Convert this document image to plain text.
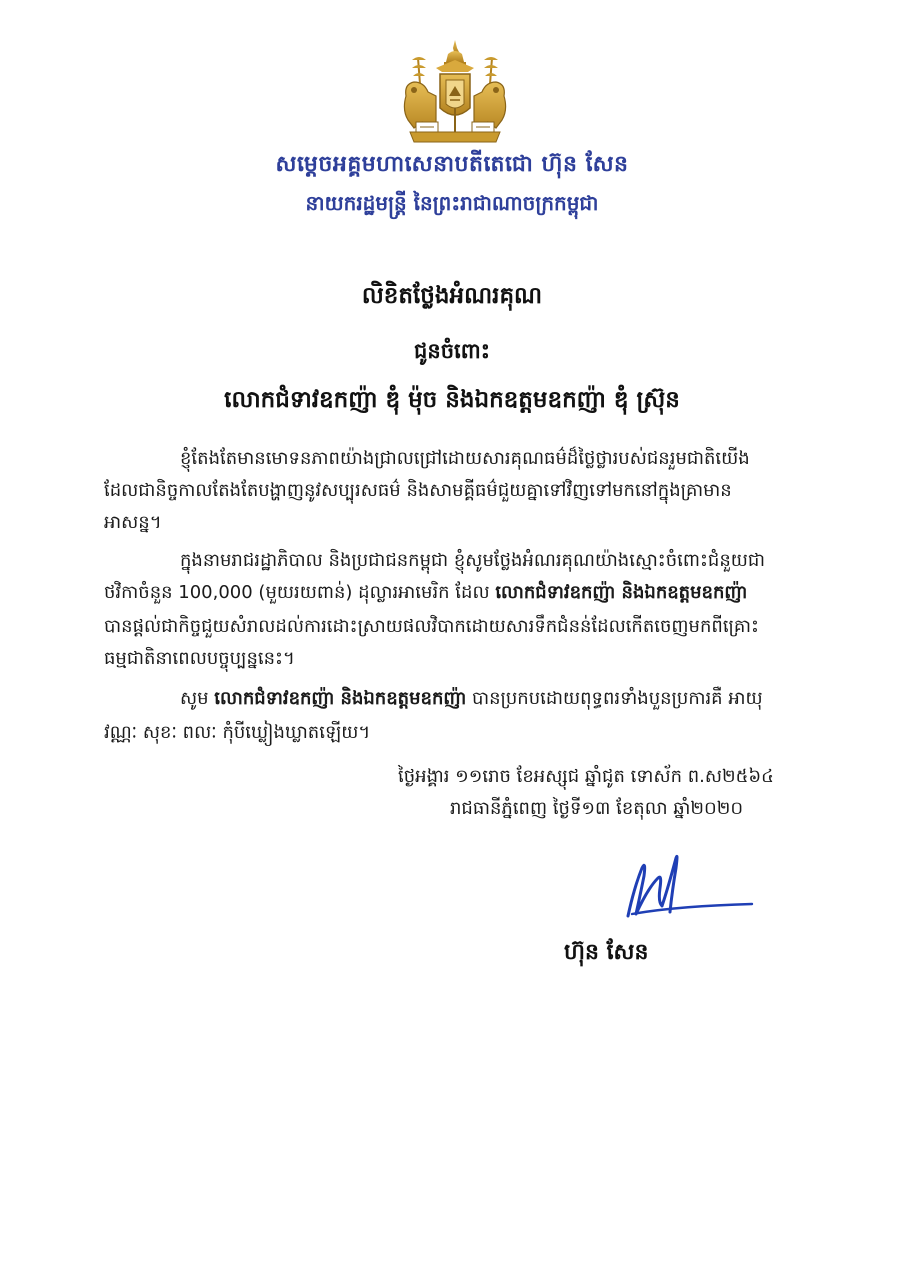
សម្តេចអគ្គមហាសេនាបតីតេជោ ហ៊ុន សែន
នាយករដ្ឋមន្ត្រី នៃព្រះរាជាណាចក្រកម្ពុជា
លិខិតថ្លែងអំណរគុណ
ជូនចំពោះ
លោកជំទាវឧកញ៉ា ឌុំ ម៉ុច និងឯកឧត្តមឧកញ៉ា ឌុំ ស្រ៊ុន
ខ្ញុំតែងតែមានមោទនភាពយ៉ាងជ្រាលជ្រៅដោយសារគុណធម៌ដ៏ថ្លៃថ្លារបស់ជនរួមជាតិយើង
ដែលជានិច្ចកាលតែងតែបង្ហាញនូវសប្បុរសធម៌ និងសាមគ្គីធម៌ជួយគ្នាទៅវិញទៅមកនៅក្នុងគ្រាមាន
អាសន្ន។
ក្នុងនាមរាជរដ្ឋាភិបាល និងប្រជាជនកម្ពុជា ខ្ញុំសូមថ្លែងអំណរគុណយ៉ាងស្មោះចំពោះជំនួយជា
ថវិកាចំនួន 100,000 (មួយរយពាន់) ដុល្លារអាមេរិក ដែល លោកជំទាវឧកញ៉ា និងឯកឧត្តមឧកញ៉ា
បានផ្តល់ជាកិច្ចជួយសំរាលដល់ការដោះស្រាយផលវិបាកដោយសារទឹកជំនន់ដែលកើតចេញមកពីគ្រោះ
ធម្មជាតិនាពេលបច្ចុប្បន្ននេះ។
សូម លោកជំទាវឧកញ៉ា និងឯកឧត្តមឧកញ៉ា បានប្រកបដោយពុទ្ធពរទាំងបួនប្រការគឺ អាយុ
វណ្ណៈ សុខៈ ពលៈ កុំបីឃ្លៀងឃ្លាតឡើយ។
ថ្ងៃអង្គារ ១១រោច ខែអស្សុជ ឆ្នាំជូត ទោស័ក ព.ស២៥៦៤
រាជធានីភ្នំពេញ ថ្ងៃទី១៣ ខែតុលា ឆ្នាំ២០២០
ហ៊ុន សែន
